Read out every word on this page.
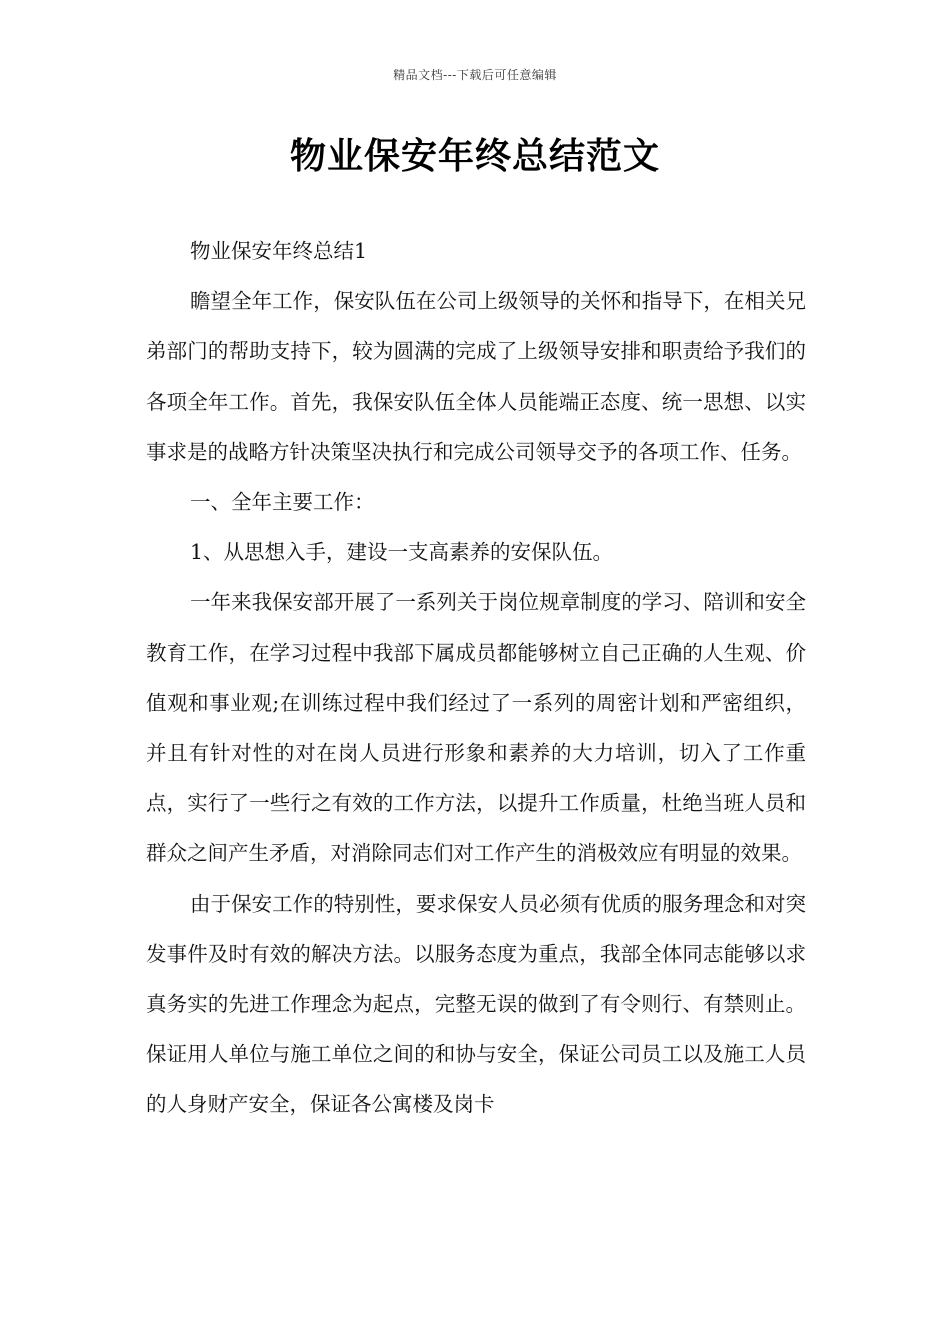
精品文档---下载后可任意编辑
物业保安年终总结范文

物业保安年终总结1

瞻望全年工作，保安队伍在公司上级领导的关怀和指导下，在相关兄弟部门的帮助支持下，较为圆满的完成了上级领导安排和职责给予我们的各项全年工作。首先，我保安队伍全体人员能端正态度、统一思想、以实事求是的战略方针决策坚决执行和完成公司领导交予的各项工作、任务。

一、全年主要工作：

1、从思想入手，建设一支高素养的安保队伍。

一年来我保安部开展了一系列关于岗位规章制度的学习、陪训和安全教育工作，在学习过程中我部下属成员都能够树立自己正确的人生观、价值观和事业观;在训练过程中我们经过了一系列的周密计划和严密组织，并且有针对性的对在岗人员进行形象和素养的大力培训，切入了工作重点，实行了一些行之有效的工作方法，以提升工作质量，杜绝当班人员和群众之间产生矛盾，对消除同志们对工作产生的消极效应有明显的效果。

由于保安工作的特别性，要求保安人员必须有优质的服务理念和对突发事件及时有效的解决方法。以服务态度为重点，我部全体同志能够以求真务实的先进工作理念为起点，完整无误的做到了有令则行、有禁则止。保证用人单位与施工单位之间的和协与安全，保证公司员工以及施工人员的人身财产安全，保证各公寓楼及岗卡
